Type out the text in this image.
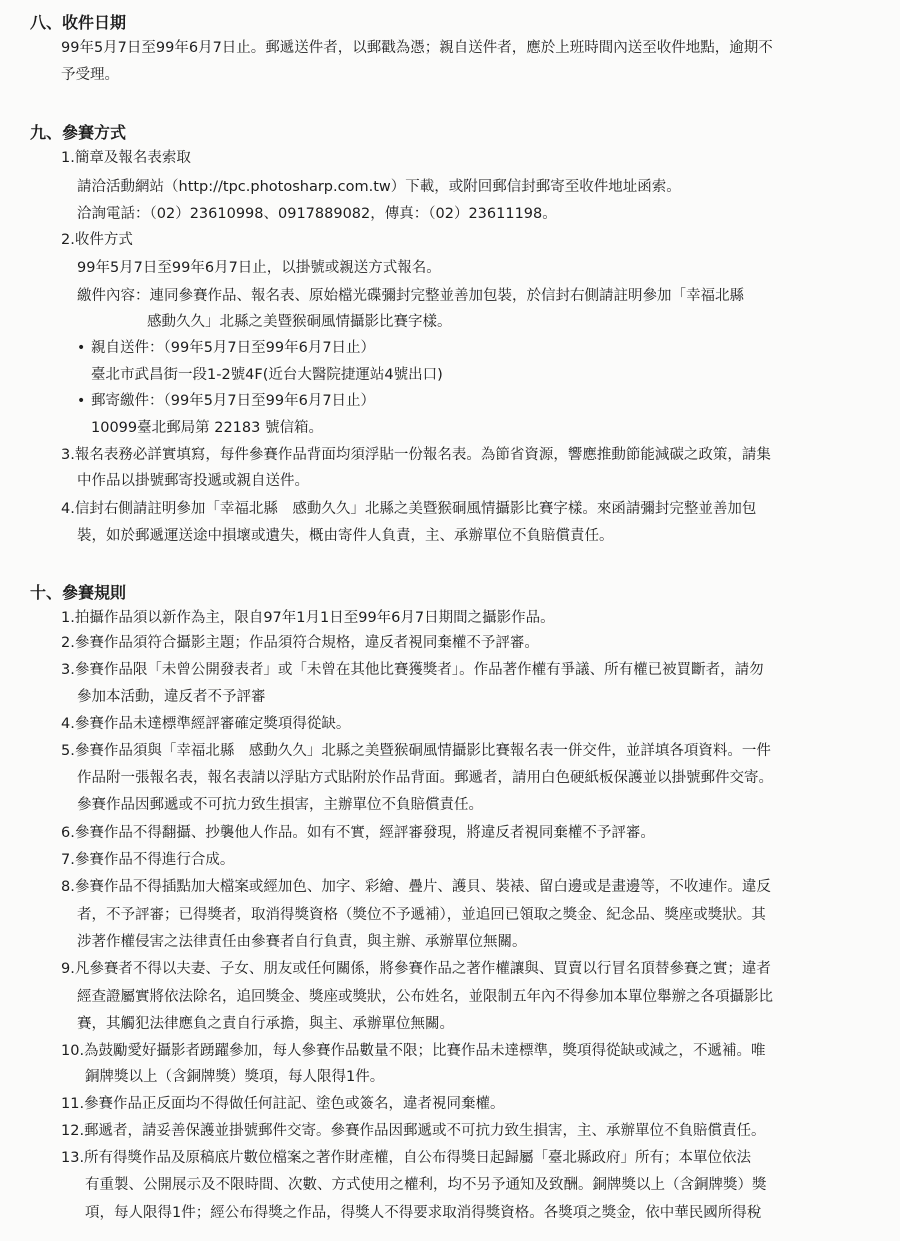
八、收件日期
99年5月7日至99年6月7日止。郵遞送件者，以郵戳為憑；親自送件者，應於上班時間內送至收件地點，逾期不
予受理。
九、參賽方式
1.簡章及報名表索取
請洽活動網站（http://tpc.photosharp.com.tw）下載，或附回郵信封郵寄至收件地址函索。
洽詢電話：（02）23610998、0917889082，傳真：（02）23611198。
2.收件方式
99年5月7日至99年6月7日止，以掛號或親送方式報名。
繳件內容：連同參賽作品、報名表、原始檔光碟彌封完整並善加包裝，於信封右側請註明參加「幸福北縣
感動久久」北縣之美暨猴硐風情攝影比賽字樣。
• 親自送件：（99年5月7日至99年6月7日止）
臺北市武昌街一段1-2號4F(近台大醫院捷運站4號出口)
• 郵寄繳件：（99年5月7日至99年6月7日止）
10099臺北郵局第 22183 號信箱。
3.報名表務必詳實填寫，每件參賽作品背面均須浮貼一份報名表。為節省資源，響應推動節能減碳之政策，請集
中作品以掛號郵寄投遞或親自送件。
4.信封右側請註明參加「幸福北縣　感動久久」北縣之美暨猴硐風情攝影比賽字樣。來函請彌封完整並善加包
裝，如於郵遞運送途中損壞或遺失，概由寄件人負責，主、承辦單位不負賠償責任。
十、參賽規則
1.拍攝作品須以新作為主，限自97年1月1日至99年6月7日期間之攝影作品。
2.參賽作品須符合攝影主題；作品須符合規格，違反者視同棄權不予評審。
3.參賽作品限「未曾公開發表者」或「未曾在其他比賽獲獎者」。作品著作權有爭議、所有權已被買斷者，請勿
參加本活動，違反者不予評審
4.參賽作品未達標準經評審確定獎項得從缺。
5.參賽作品須與「幸福北縣　感動久久」北縣之美暨猴硐風情攝影比賽報名表一併交件，並詳填各項資料。一件
作品附一張報名表，報名表請以浮貼方式貼附於作品背面。郵遞者，請用白色硬紙板保護並以掛號郵件交寄。
參賽作品因郵遞或不可抗力致生損害，主辦單位不負賠償責任。
6.參賽作品不得翻攝、抄襲他人作品。如有不實，經評審發現，將違反者視同棄權不予評審。
7.參賽作品不得進行合成。
8.參賽作品不得插點加大檔案或經加色、加字、彩繪、疊片、護貝、裝裱、留白邊或是畫邊等，不收連作。違反
者，不予評審；已得獎者，取消得獎資格（獎位不予遞補），並追回已領取之獎金、紀念品、獎座或獎狀。其
涉著作權侵害之法律責任由參賽者自行負責，與主辦、承辦單位無關。
9.凡參賽者不得以夫妻、子女、朋友或任何關係，將參賽作品之著作權讓與、買賣以行冒名頂替參賽之實；違者
經查證屬實將依法除名，追回獎金、獎座或獎狀，公布姓名，並限制五年內不得參加本單位舉辦之各項攝影比
賽，其觸犯法律應負之責自行承擔，與主、承辦單位無關。
10.為鼓勵愛好攝影者踴躍參加，每人參賽作品數量不限；比賽作品未達標準，獎項得從缺或減之，不遞補。唯
銅牌獎以上（含銅牌獎）獎項，每人限得1件。
11.參賽作品正反面均不得做任何註記、塗色或簽名，違者視同棄權。
12.郵遞者，請妥善保護並掛號郵件交寄。參賽作品因郵遞或不可抗力致生損害，主、承辦單位不負賠償責任。
13.所有得獎作品及原稿底片數位檔案之著作財產權，自公布得獎日起歸屬「臺北縣政府」所有；本單位依法
有重製、公開展示及不限時間、次數、方式使用之權利，均不另予通知及致酬。銅牌獎以上（含銅牌獎）獎
項，每人限得1件；經公布得獎之作品，得獎人不得要求取消得獎資格。各獎項之獎金，依中華民國所得稅
